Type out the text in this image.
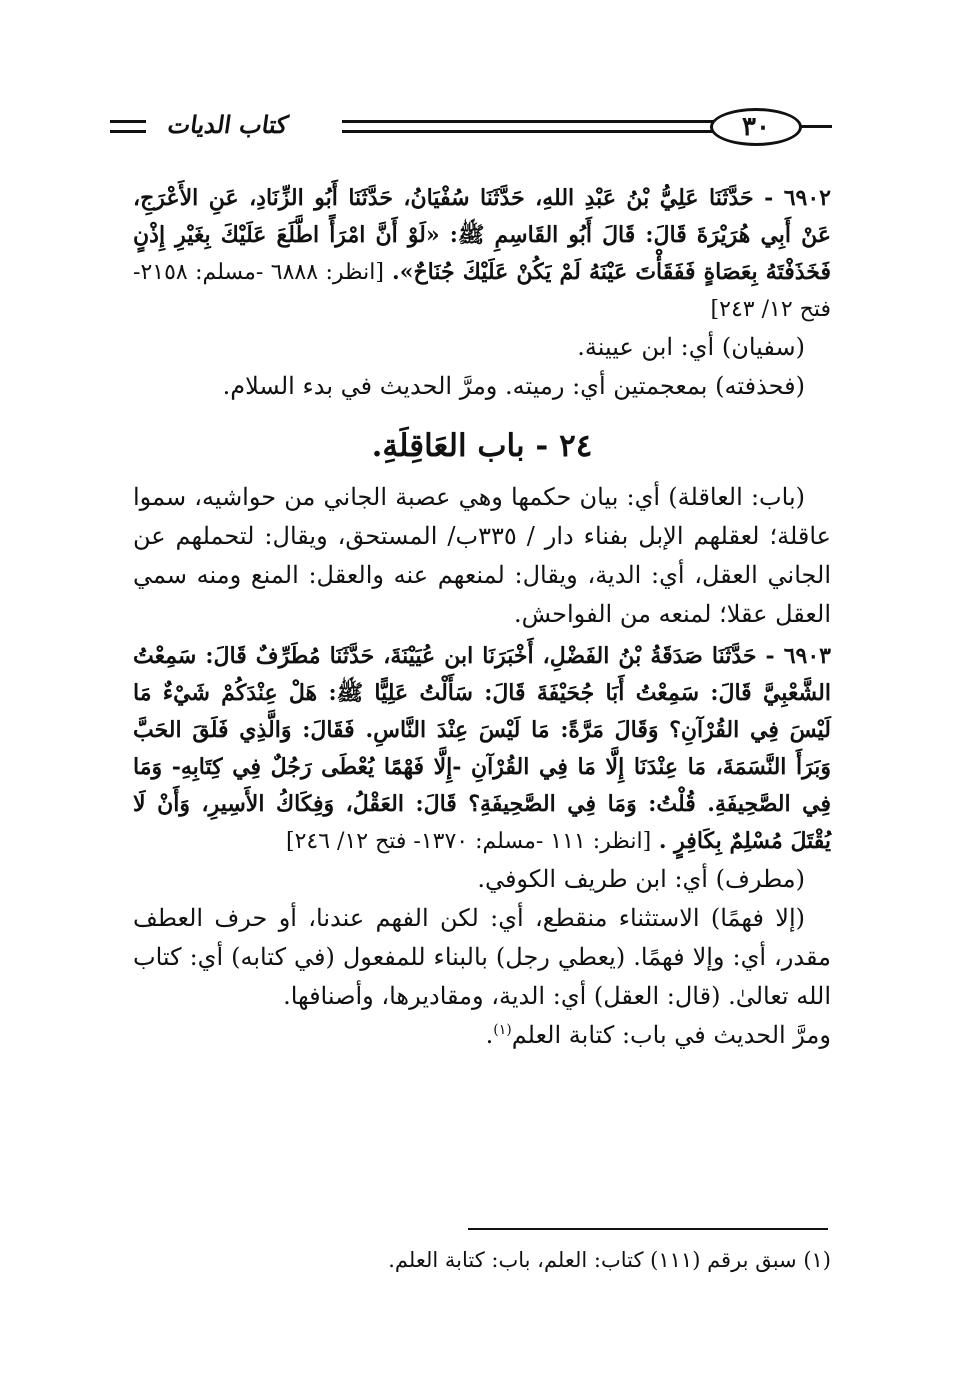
كتاب الديات	٣٠

٦٩٠٢ - حَدَّثَنَا عَلِيُّ بْنُ عَبْدِ اللهِ، حَدَّثَنَا سُفْيَانُ، حَدَّثَنَا أَبُو الزِّنَادِ، عَنِ الأَعْرَجِ، عَنْ أَبِي هُرَيْرَةَ قَالَ: قَالَ أَبُو القَاسِمِ ﷺ: «لَوْ أَنَّ امْرَأً اطَّلَعَ عَلَيْكَ بِغَيْرِ إِذْنٍ فَخَذَفْتَهُ بِعَصَاةٍ فَفَقَأْتَ عَيْنَهُ لَمْ يَكُنْ عَلَيْكَ جُنَاحٌ». [انظر: ٦٨٨٨ -مسلم: ٢١٥٨- فتح ١٢/ ٢٤٣]

(سفيان) أي: ابن عيينة.

(فحذفته) بمعجمتين أي: رميته. ومرَّ الحديث في بدء السلام.

٢٤ - باب العَاقِلَةِ.

(باب: العاقلة) أي: بيان حكمها وهي عصبة الجاني من حواشيه، سموا عاقلة؛ لعقلهم الإبل بفناء دار / ٣٣٥ب/ المستحق، ويقال: لتحملهم عن الجاني العقل، أي: الدية، ويقال: لمنعهم عنه والعقل: المنع ومنه سمي العقل عقلا؛ لمنعه من الفواحش.

٦٩٠٣ - حَدَّثَنَا صَدَقَةُ بْنُ الفَضْلِ، أَخْبَرَنَا ابن عُيَيْنَةَ، حَدَّثَنَا مُطَرِّفٌ قَالَ: سَمِعْتُ الشَّعْبِيَّ قَالَ: سَمِعْتُ أَبَا جُحَيْفَةَ قَالَ: سَأَلْتُ عَلِيًّا ﷺ: هَلْ عِنْدَكُمْ شَيْءٌ مَا لَيْسَ فِي القُرْآنِ؟ وَقَالَ مَرَّةً: مَا لَيْسَ عِنْدَ النَّاسِ. فَقَالَ: وَالَّذِي فَلَقَ الحَبَّ وَبَرَأَ النَّسَمَةَ، مَا عِنْدَنَا إِلَّا مَا فِي القُرْآنِ -إِلَّا فَهْمًا يُعْطَى رَجُلٌ فِي كِتَابِهِ- وَمَا فِي الصَّحِيفَةِ. قُلْتُ: وَمَا فِي الصَّحِيفَةِ؟ قَالَ: العَقْلُ، وَفِكَاكُ الأَسِيرِ، وَأَنْ لَا يُقْتَلَ مُسْلِمٌ بِكَافِرٍ . [انظر: ١١١ -مسلم: ١٣٧٠- فتح ١٢/ ٢٤٦]

(مطرف) أي: ابن طريف الكوفي.

(إلا فهمًا) الاستثناء منقطع، أي: لكن الفهم عندنا، أو حرف العطف مقدر، أي: وإلا فهمًا. (يعطي رجل) بالبناء للمفعول (في كتابه) أي: كتاب الله تعالىٰ. (قال: العقل) أي: الدية، ومقاديرها، وأصنافها.

ومرَّ الحديث في باب: كتابة العلم$^{(١)}$.

(١) سبق برقم (١١١) كتاب: العلم، باب: كتابة العلم.
